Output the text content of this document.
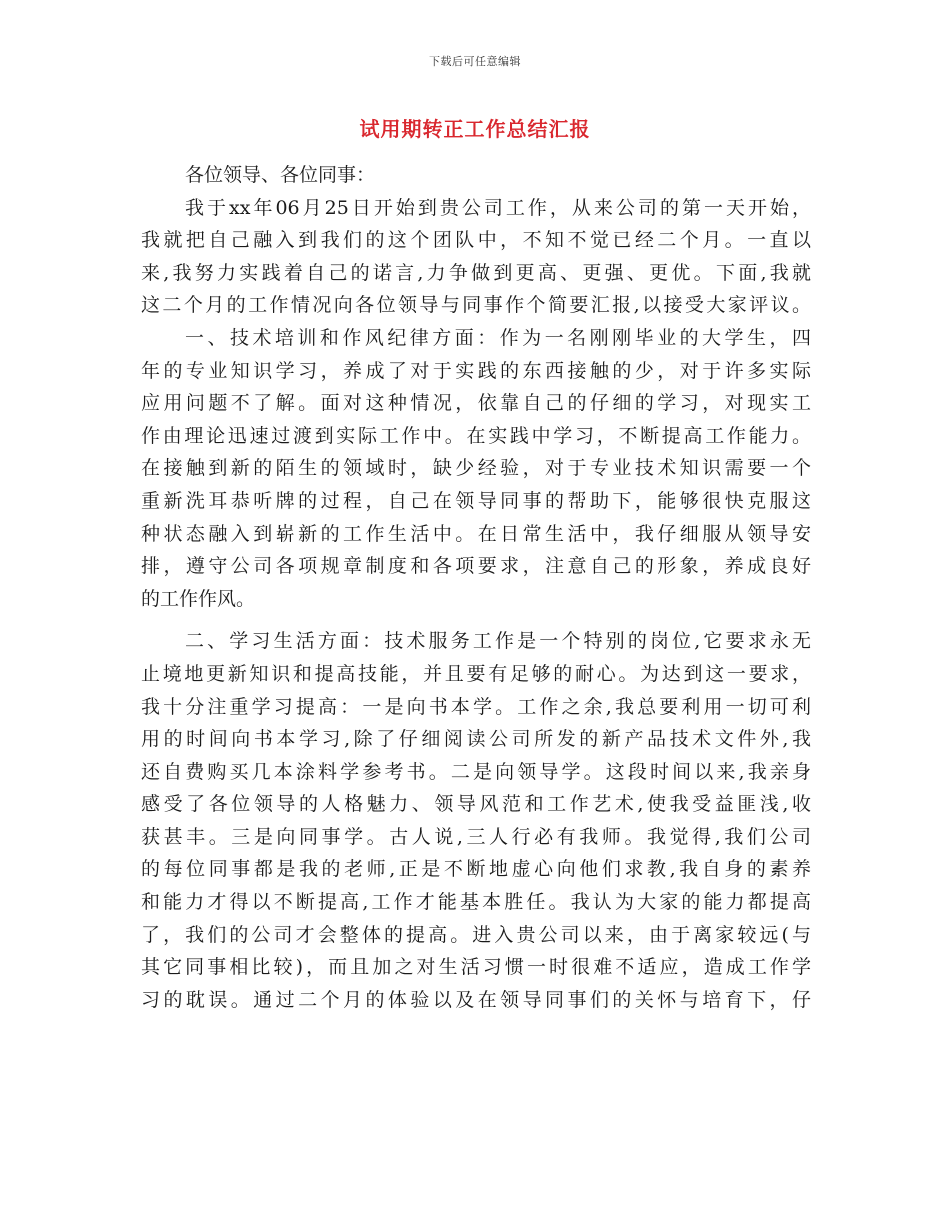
下载后可任意编辑
试用期转正工作总结汇报
各位领导、各位同事：
我于xx年06月25日开始到贵公司工作，从来公司的第一天开始，
我就把自己融入到我们的这个团队中，不知不觉已经二个月。一直以
来,我努力实践着自己的诺言,力争做到更高、更强、更优。下面,我就
这二个月的工作情况向各位领导与同事作个简要汇报,以接受大家评议。
一、技术培训和作风纪律方面：作为一名刚刚毕业的大学生，四
年的专业知识学习，养成了对于实践的东西接触的少，对于许多实际
应用问题不了解。面对这种情况，依靠自己的仔细的学习，对现实工
作由理论迅速过渡到实际工作中。在实践中学习，不断提高工作能力。
在接触到新的陌生的领域时，缺少经验，对于专业技术知识需要一个
重新洗耳恭听牌的过程，自己在领导同事的帮助下，能够很快克服这
种状态融入到崭新的工作生活中。在日常生活中，我仔细服从领导安
排，遵守公司各项规章制度和各项要求，注意自己的形象，养成良好
的工作作风。
二、学习生活方面：技术服务工作是一个特别的岗位,它要求永无
止境地更新知识和提高技能，并且要有足够的耐心。为达到这一要求，
我十分注重学习提高：一是向书本学。工作之余,我总要利用一切可利
用的时间向书本学习,除了仔细阅读公司所发的新产品技术文件外,我
还自费购买几本涂料学参考书。二是向领导学。这段时间以来,我亲身
感受了各位领导的人格魅力、领导风范和工作艺术,使我受益匪浅,收
获甚丰。三是向同事学。古人说,三人行必有我师。我觉得,我们公司
的每位同事都是我的老师,正是不断地虚心向他们求教,我自身的素养
和能力才得以不断提高,工作才能基本胜任。我认为大家的能力都提高
了，我们的公司才会整体的提高。进入贵公司以来，由于离家较远(与
其它同事相比较)，而且加之对生活习惯一时很难不适应，造成工作学
习的耽误。通过二个月的体验以及在领导同事们的关怀与培育下，仔
